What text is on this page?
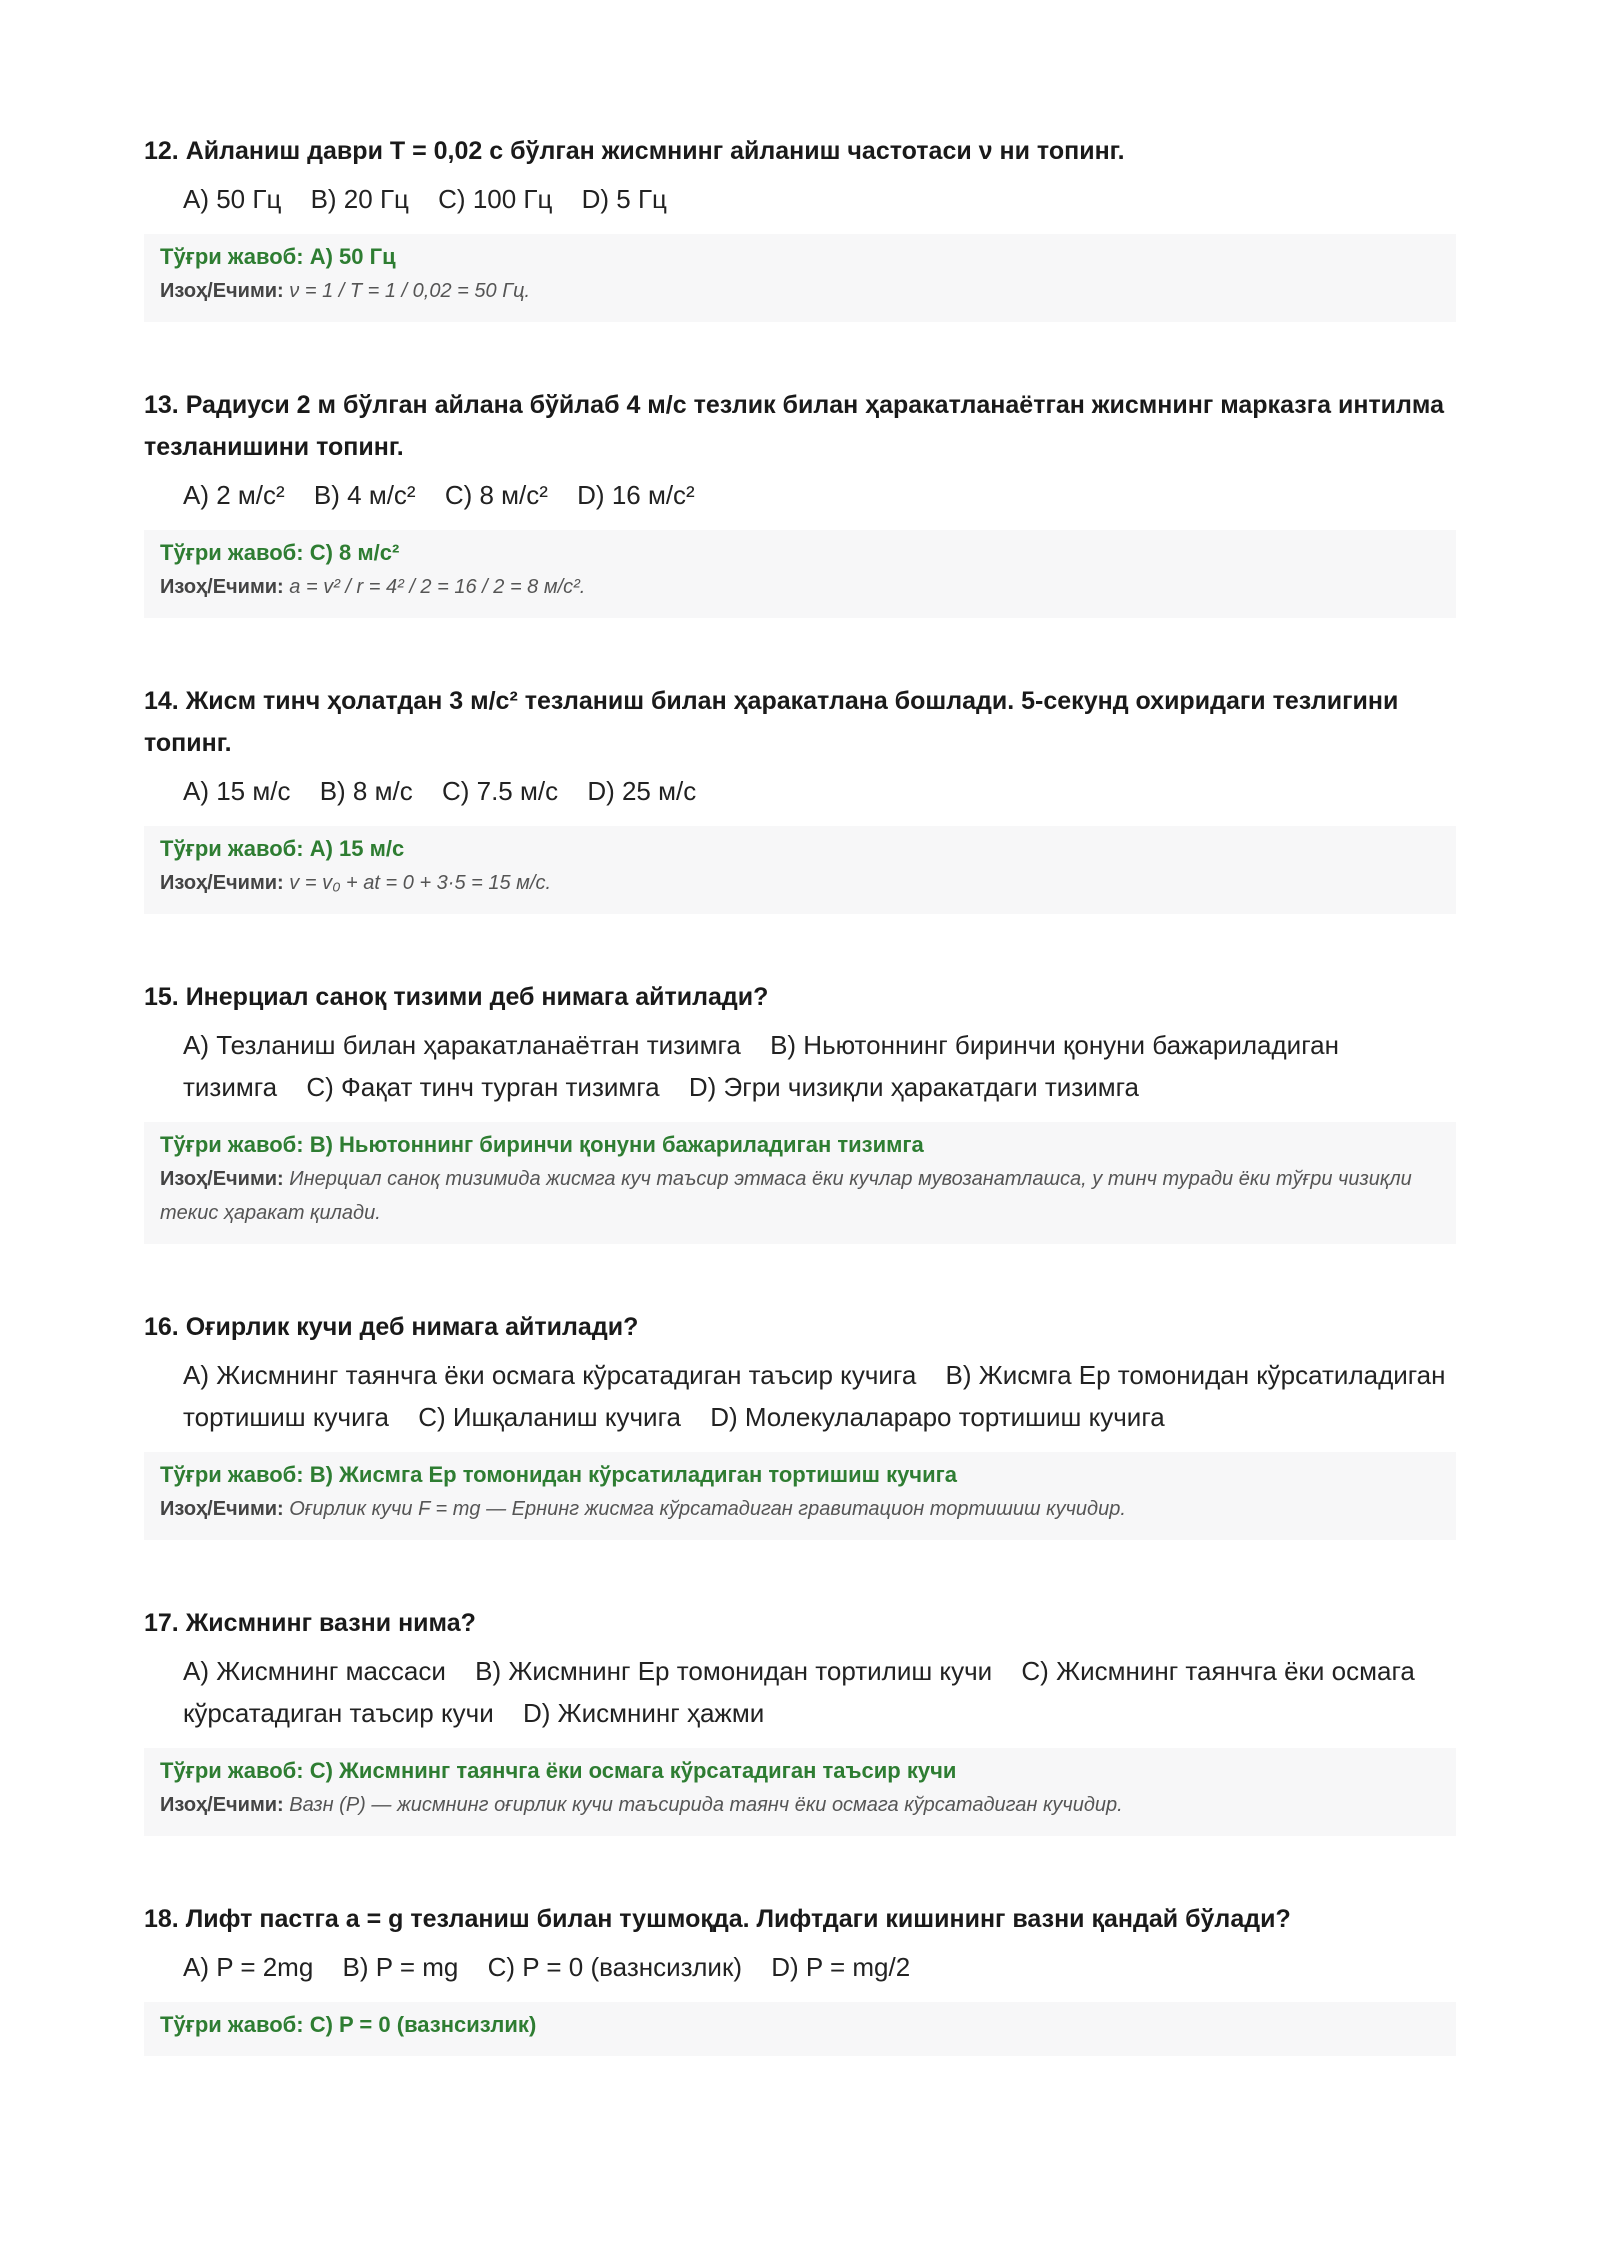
12. Айланиш даври T = 0,02 с бўлган жисмнинг айланиш частотаси ν ни топинг.
A) 50 Гц B) 20 Гц C) 100 Гц D) 5 Гц
Тўғри жавоб: A) 50 Гц
Изоҳ/Ечими: ν = 1 / T = 1 / 0,02 = 50 Гц.
13. Радиуси 2 м бўлган айлана бўйлаб 4 м/с тезлик билан ҳаракатланаётган жисмнинг марказга интилма тезланишини топинг.
A) 2 м/с² B) 4 м/с² C) 8 м/с² D) 16 м/с²
Тўғри жавоб: C) 8 м/с²
Изоҳ/Ечими: a = v² / r = 4² / 2 = 16 / 2 = 8 м/с².
14. Жисм тинч ҳолатдан 3 м/с² тезланиш билан ҳаракатлана бошлади. 5-секунд охиридаги тезлигини топинг.
A) 15 м/с B) 8 м/с C) 7.5 м/с D) 25 м/с
Тўғри жавоб: A) 15 м/с
Изоҳ/Ечими: v = v₀ + at = 0 + 3·5 = 15 м/с.
15. Инерциал саноқ тизими деб нимага айтилади?
A) Тезланиш билан ҳаракатланаётган тизимга B) Ньютоннинг биринчи қонуни бажариладиган тизимга C) Фақат тинч турган тизимга D) Эгри чизиқли ҳаракатдаги тизимга
Тўғри жавоб: B) Ньютоннинг биринчи қонуни бажариладиган тизимга
Изоҳ/Ечими: Инерциал саноқ тизимида жисмга куч таъсир этмаса ёки кучлар мувозанатлашса, у тинч туради ёки тўғри чизиқли текис ҳаракат қилади.
16. Оғирлик кучи деб нимага айтилади?
A) Жисмнинг таянчга ёки осмага кўрсатадиган таъсир кучига B) Жисмга Ер томонидан кўрсатиладиган тортишиш кучига C) Ишқаланиш кучига D) Молекулалараро тортишиш кучига
Тўғри жавоб: B) Жисмга Ер томонидан кўрсатиладиган тортишиш кучига
Изоҳ/Ечими: Оғирлик кучи F = mg — Ернинг жисмга кўрсатадиган гравитацион тортишиш кучидир.
17. Жисмнинг вазни нима?
A) Жисмнинг массаси B) Жисмнинг Ер томонидан тортилиш кучи C) Жисмнинг таянчга ёки осмага кўрсатадиган таъсир кучи D) Жисмнинг ҳажми
Тўғри жавоб: C) Жисмнинг таянчга ёки осмага кўрсатадиган таъсир кучи
Изоҳ/Ечими: Вазн (P) — жисмнинг оғирлик кучи таъсирида таянч ёки осмага кўрсатадиган кучидир.
18. Лифт пастга a = g тезланиш билан тушмоқда. Лифтдаги кишининг вазни қандай бўлади?
A) P = 2mg B) P = mg C) P = 0 (вазнсизлик) D) P = mg/2
Тўғри жавоб: C) P = 0 (вазнсизлик)
